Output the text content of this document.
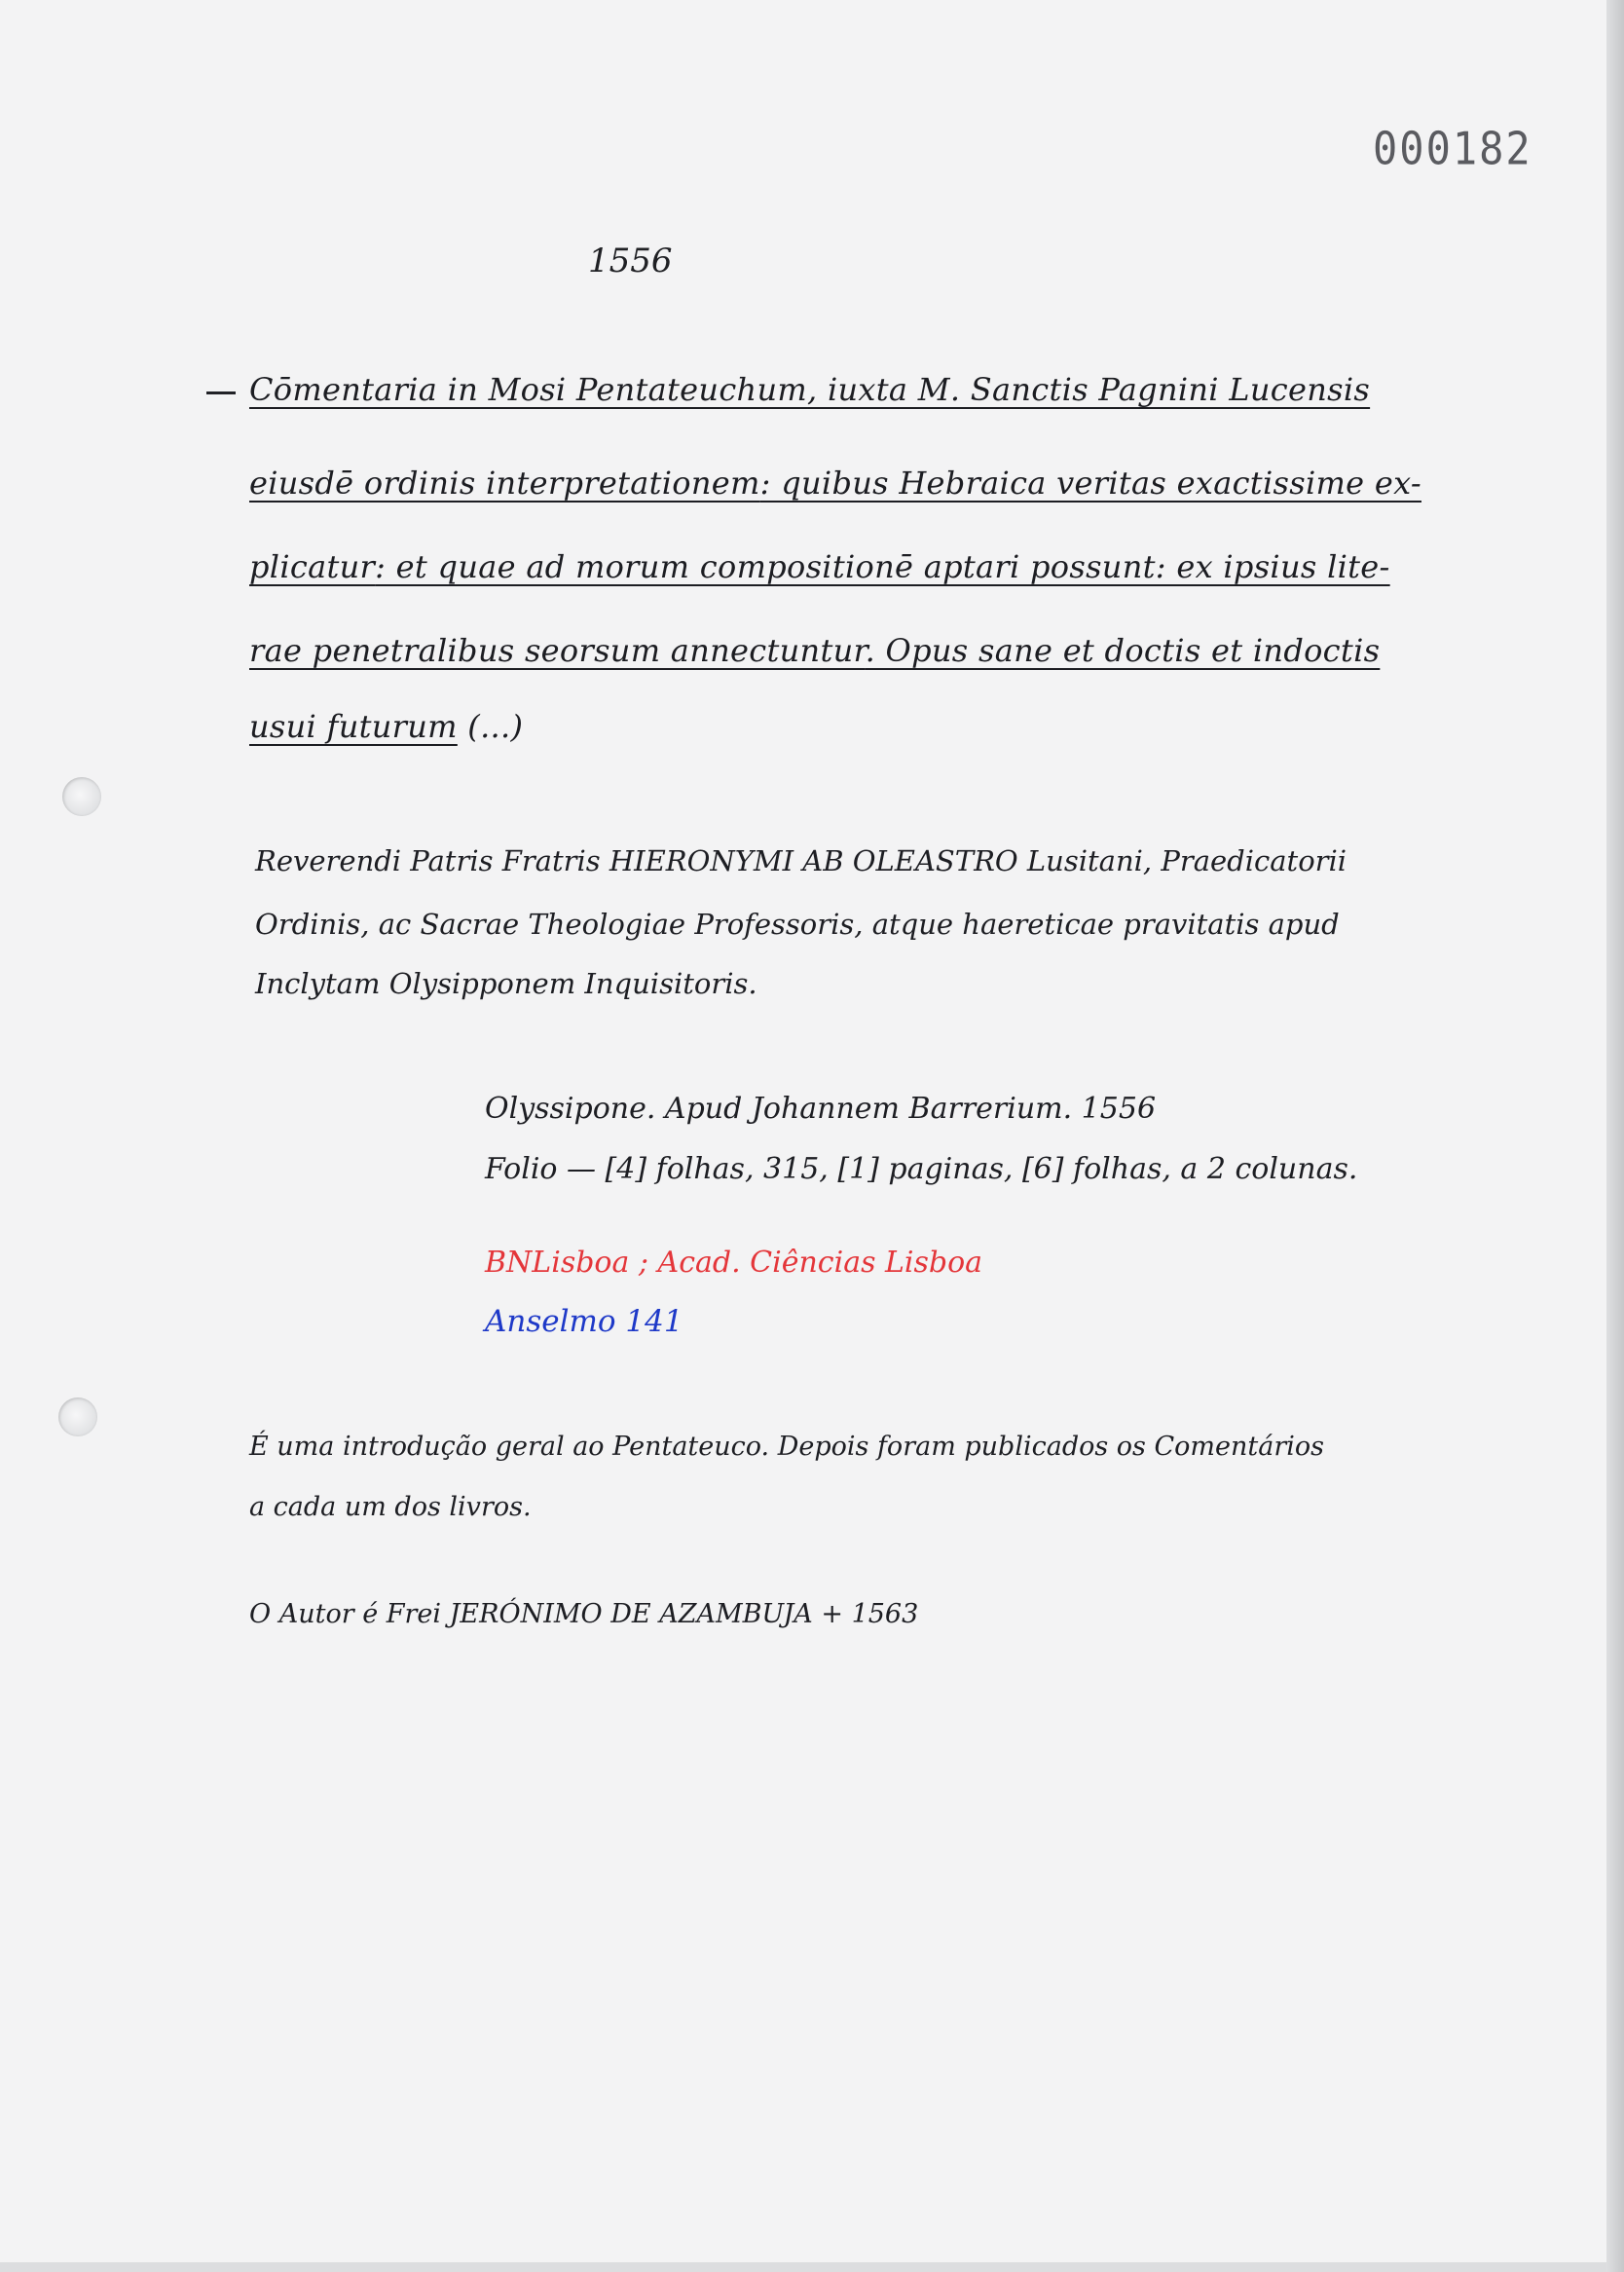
000182
1556
Cōmentaria in Mosi Pentateuchum, iuxta M. Sanctis Pagnini Lucensis
eiusdē ordinis interpretationem: quibus Hebraica veritas exactissime ex-
plicatur: et quae ad morum compositionē aptari possunt: ex ipsius lite-
rae penetralibus seorsum annectuntur. Opus sane et doctis et indoctis
usui futurum (...)
Reverendi Patris Fratris HIERONYMI AB OLEASTRO Lusitani, Praedicatorii
Ordinis, ac Sacrae Theologiae Professoris, atque haereticae pravitatis apud
Inclytam Olysipponem Inquisitoris.
Olyssipone. Apud Johannem Barrerium. 1556
Folio — [4] folhas, 315, [1] paginas, [6] folhas, a 2 colunas.
BNLisboa ; Acad. Ciências Lisboa
Anselmo 141
É uma introdução geral ao Pentateuco. Depois foram publicados os Comentários
a cada um dos livros.
O Autor é Frei JERÓNIMO DE AZAMBUJA + 1563
